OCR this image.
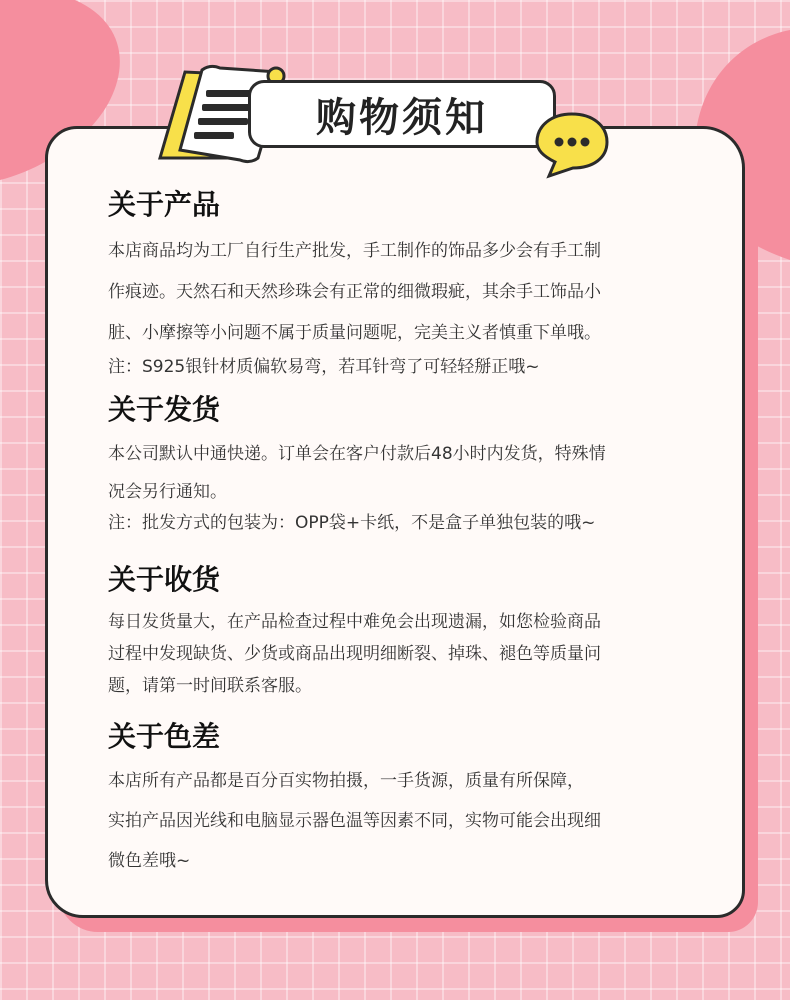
购物须知
关于产品
本店商品均为工厂自行生产批发，手工制作的饰品多少会有手工制
作痕迹。天然石和天然珍珠会有正常的细微瑕疵，其余手工饰品小
脏、小摩擦等小问题不属于质量问题呢，完美主义者慎重下单哦。
注：S925银针材质偏软易弯，若耳针弯了可轻轻掰正哦~
关于发货
本公司默认中通快递。订单会在客户付款后48小时内发货，特殊情
况会另行通知。
注：批发方式的包装为：OPP袋+卡纸，不是盒子单独包装的哦~
关于收货
每日发货量大，在产品检查过程中难免会出现遗漏，如您检验商品
过程中发现缺货、少货或商品出现明细断裂、掉珠、褪色等质量问
题，请第一时间联系客服。
关于色差
本店所有产品都是百分百实物拍摄，一手货源，质量有所保障，
实拍产品因光线和电脑显示器色温等因素不同，实物可能会出现细
微色差哦~
